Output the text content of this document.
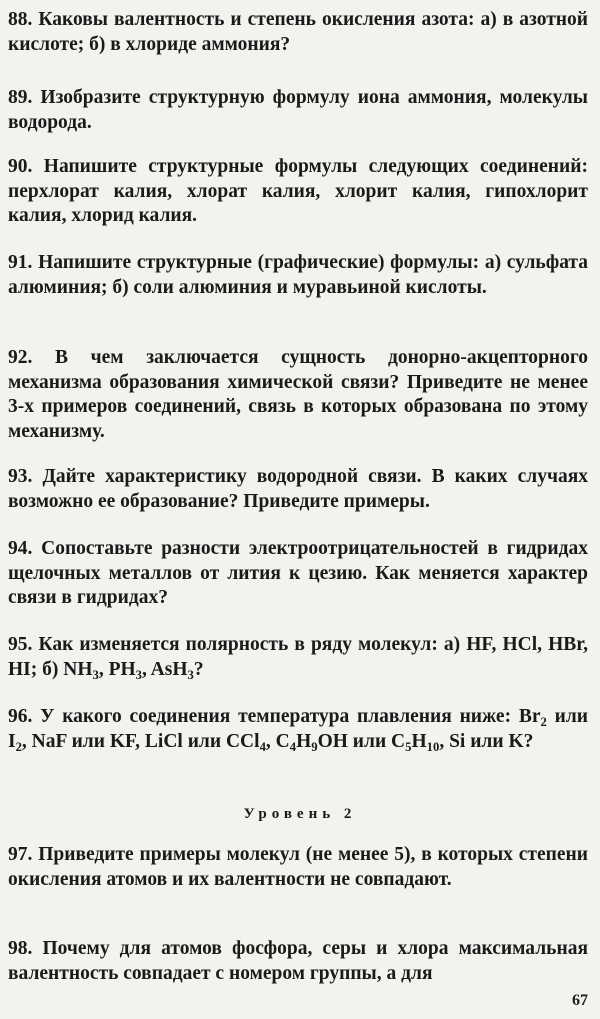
88. Каковы валентность и степень окисления азота: а) в азотной кислоте; б) в хлориде аммония?

89. Изобразите структурную формулу иона аммония, молекулы водорода.

90. Напишите структурные формулы следующих соединений: перхлорат калия, хлорат калия, хлорит калия, гипохлорит калия, хлорид калия.

91. Напишите структурные (графические) формулы: а) сульфата алюминия; б) соли алюминия и муравьиной кислоты.

92. В чем заключается сущность донорно-акцепторного механизма образования химической связи? Приведите не менее 3-х примеров соединений, связь в которых образована по этому механизму.

93. Дайте характеристику водородной связи. В каких случаях возможно ее образование? Приведите примеры.

94. Сопоставьте разности электроотрицательностей в гидридах щелочных металлов от лития к цезию. Как меняется характер связи в гидридах?

95. Как изменяется полярность в ряду молекул: а) HF, HCl, HBr, HI; б) $NH_3$, $PH_3$, AsH$_3$?

96. У какого соединения температура плавления ниже: $Br_2$ или $I_2$, NaF или KF, LiCl или CCl$_4$, $C_4H_9OH$ или $C_5H_{10}$, Si или K?

Уровень 2

97. Приведите примеры молекул (не менее 5), в которых степени окисления атомов и их валентности не совпадают.

98. Почему для атомов фосфора, серы и хлора максимальная валентность совпадает с номером группы, а для

67
